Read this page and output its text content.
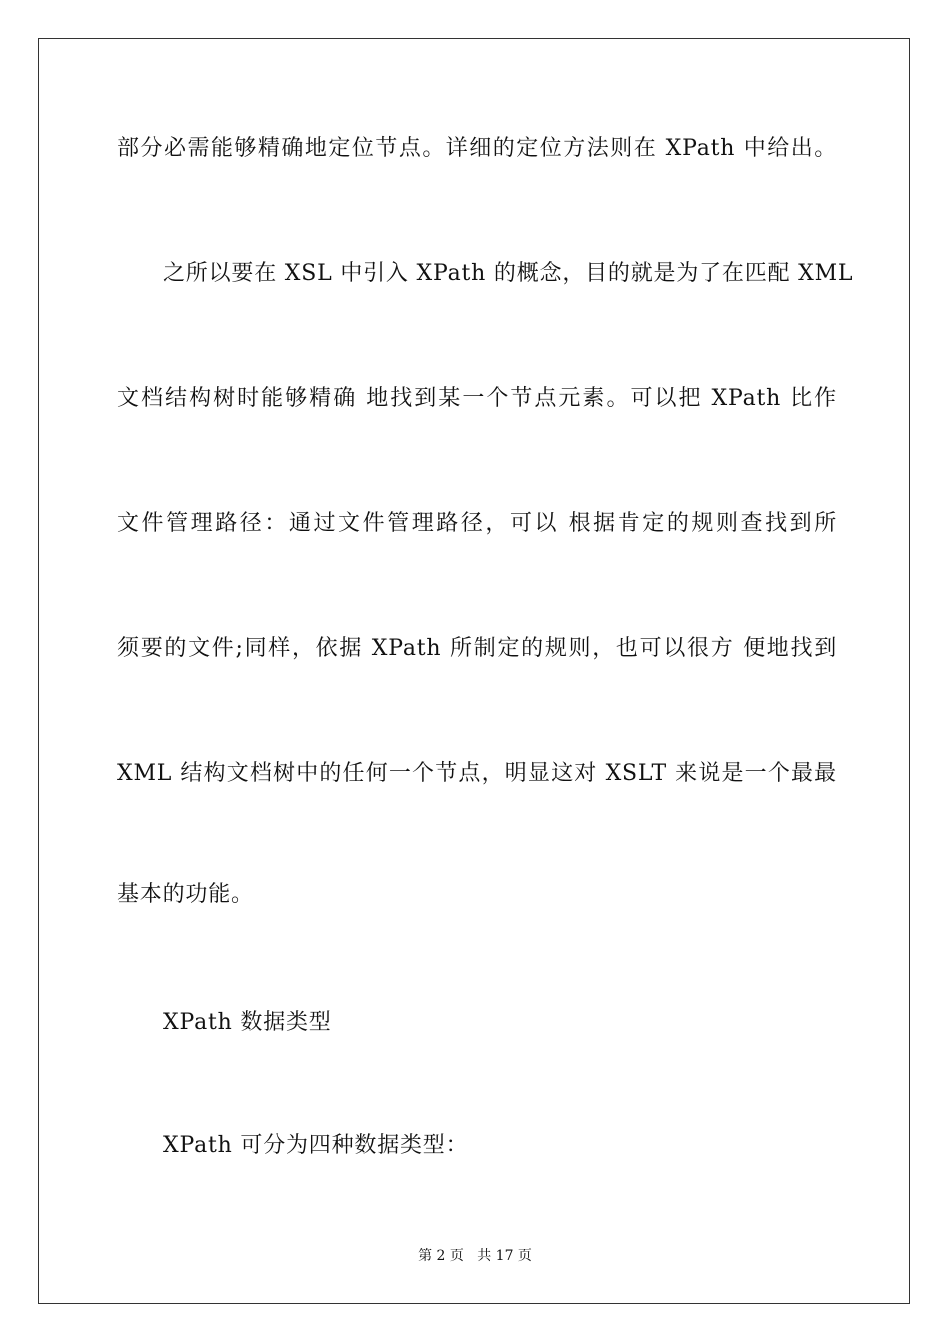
部分必需能够精确地定位节点。详细的定位方法则在 XPath 中给出。
之所以要在 XSL 中引入 XPath 的概念，目的就是为了在匹配 XML
文档结构树时能够精确 地找到某一个节点元素。可以把 XPath 比作
文件管理路径：通过文件管理路径，可以 根据肯定的规则查找到所
须要的文件;同样，依据 XPath 所制定的规则，也可以很方 便地找到
XML 结构文档树中的任何一个节点，明显这对 XSLT 来说是一个最最
基本的功能。
XPath 数据类型
XPath 可分为四种数据类型：
第 2 页   共 17 页
